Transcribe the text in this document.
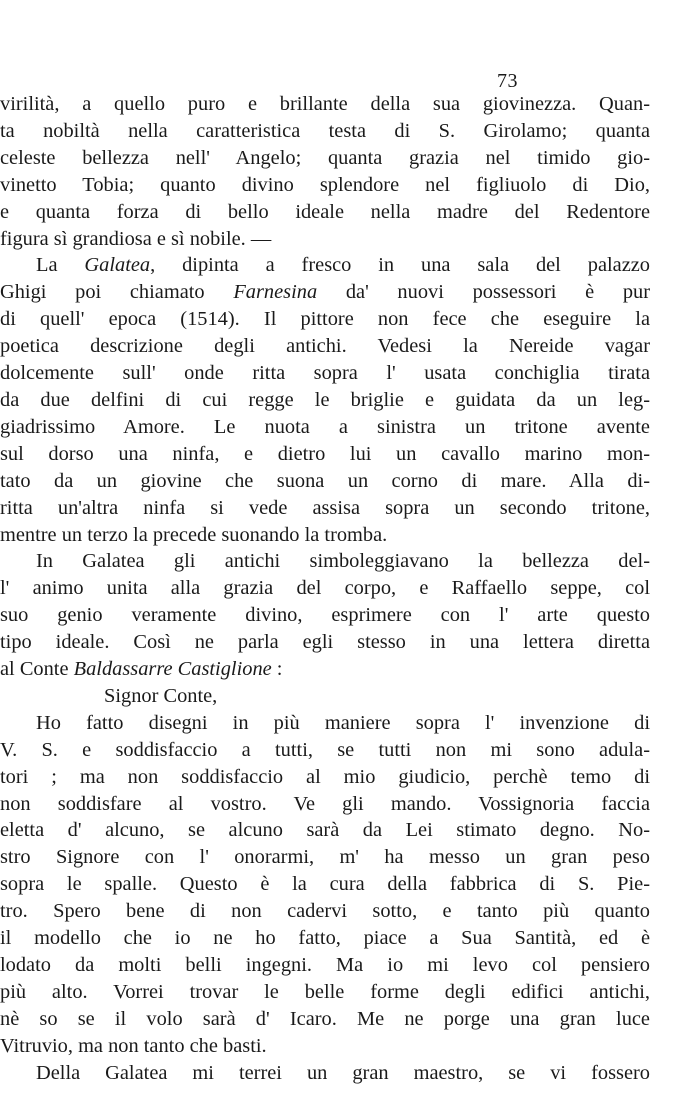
73

virilità, a quello puro e brillante della sua giovinezza. Quan-

ta nobiltà nella caratteristica testa di S. Girolamo; quanta

celeste bellezza nell' Angelo; quanta grazia nel timido gio-

vinetto Tobia; quanto divino splendore nel figliuolo di Dio,

e quanta forza di bello ideale nella madre del Redentore

figura sì grandiosa e sì nobile. —

La Galatea, dipinta a fresco in una sala del palazzo

Ghigi poi chiamato Farnesina da' nuovi possessori è pur

di quell' epoca (1514). Il pittore non fece che eseguire la

poetica descrizione degli antichi. Vedesi la Nereide vagar

dolcemente sull' onde ritta sopra l' usata conchiglia tirata

da due delfini di cui regge le briglie e guidata da un leg-

giadrissimo Amore. Le nuota a sinistra un tritone avente

sul dorso una ninfa, e dietro lui un cavallo marino mon-

tato da un giovine che suona un corno di mare. Alla di-

ritta un'altra ninfa si vede assisa sopra un secondo tritone,

mentre un terzo la precede suonando la tromba.

In Galatea gli antichi simboleggiavano la bellezza del-

l' animo unita alla grazia del corpo, e Raffaello seppe, col

suo genio veramente divino, esprimere con l' arte questo

tipo ideale. Così ne parla egli stesso in una lettera diretta

al Conte Baldassarre Castiglione :

Signor Conte,

Ho fatto disegni in più maniere sopra l' invenzione di

V. S. e soddisfaccio a tutti, se tutti non mi sono adula-

tori ; ma non soddisfaccio al mio giudicio, perchè temo di

non soddisfare al vostro. Ve gli mando. Vossignoria faccia

eletta d' alcuno, se alcuno sarà da Lei stimato degno. No-

stro Signore con l' onorarmi, m' ha messo un gran peso

sopra le spalle. Questo è la cura della fabbrica di S. Pie-

tro. Spero bene di non cadervi sotto, e tanto più quanto

il modello che io ne ho fatto, piace a Sua Santità, ed è

lodato da molti belli ingegni. Ma io mi levo col pensiero

più alto. Vorrei trovar le belle forme degli edifici antichi,

nè so se il volo sarà d' Icaro. Me ne porge una gran luce

Vitruvio, ma non tanto che basti.

Della Galatea mi terrei un gran maestro, se vi fossero
